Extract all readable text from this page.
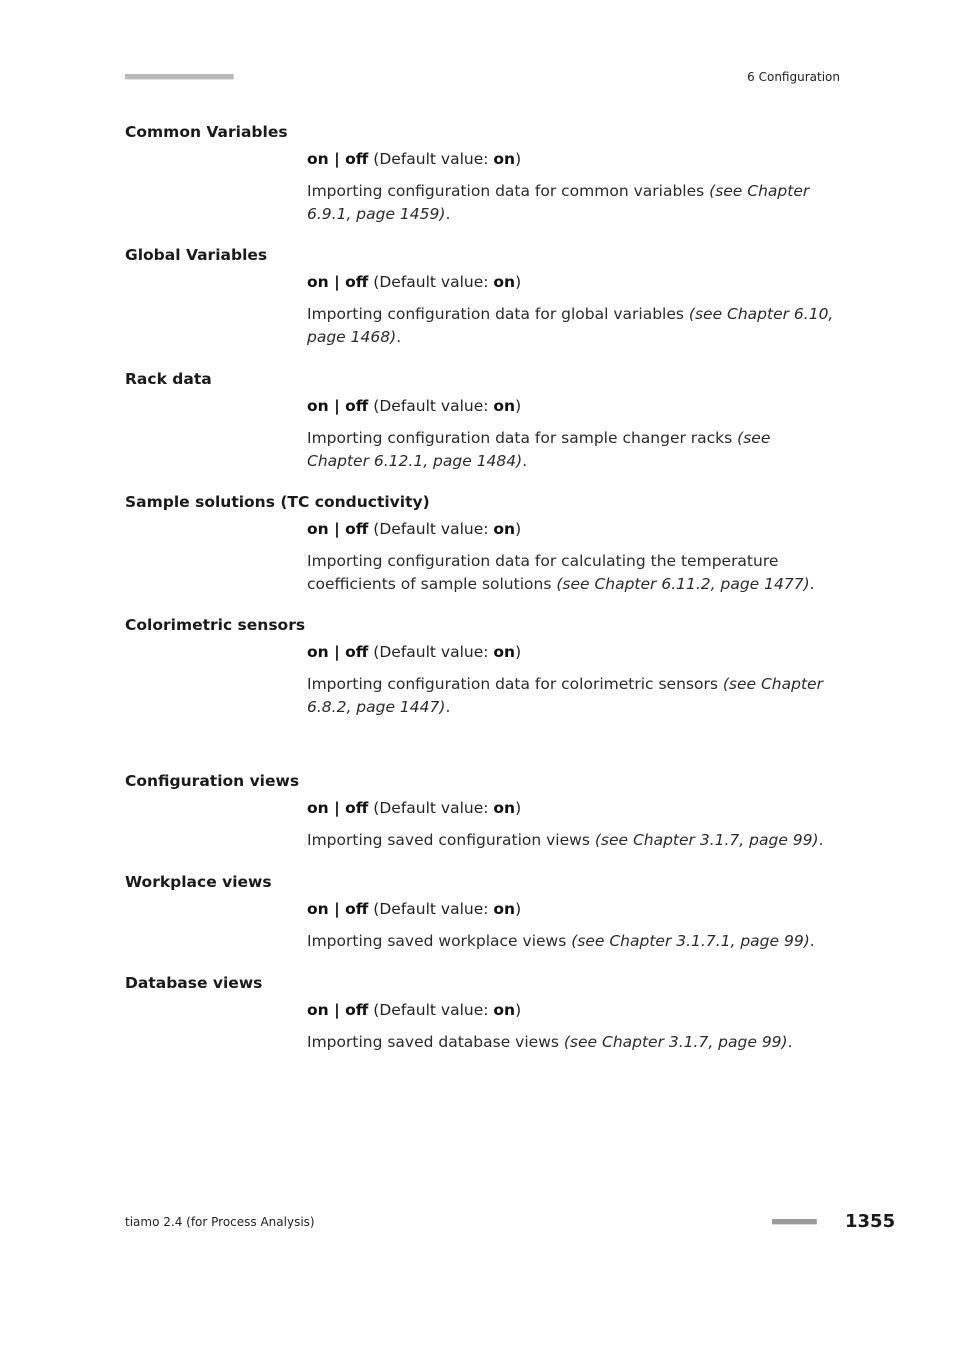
■■■■■■■■■■■■■■■■■■■■■■	6 Configuration
Common Variables
on | off (Default value: on)
Importing configuration data for common variables (see Chapter 6.9.1, page 1459).
Global Variables
on | off (Default value: on)
Importing configuration data for global variables (see Chapter 6.10, page 1468).
Rack data
on | off (Default value: on)
Importing configuration data for sample changer racks (see Chapter 6.12.1, page 1484).
Sample solutions (TC conductivity)
on | off (Default value: on)
Importing configuration data for calculating the temperature coefficients of sample solutions (see Chapter 6.11.2, page 1477).
Colorimetric sensors
on | off (Default value: on)
Importing configuration data for colorimetric sensors (see Chapter 6.8.2, page 1447).
Configuration views
on | off (Default value: on)
Importing saved configuration views (see Chapter 3.1.7, page 99).
Workplace views
on | off (Default value: on)
Importing saved workplace views (see Chapter 3.1.7.1, page 99).
Database views
on | off (Default value: on)
Importing saved database views (see Chapter 3.1.7, page 99).
tiamo 2.4 (for Process Analysis)	■■■■■■■■■ 1355
